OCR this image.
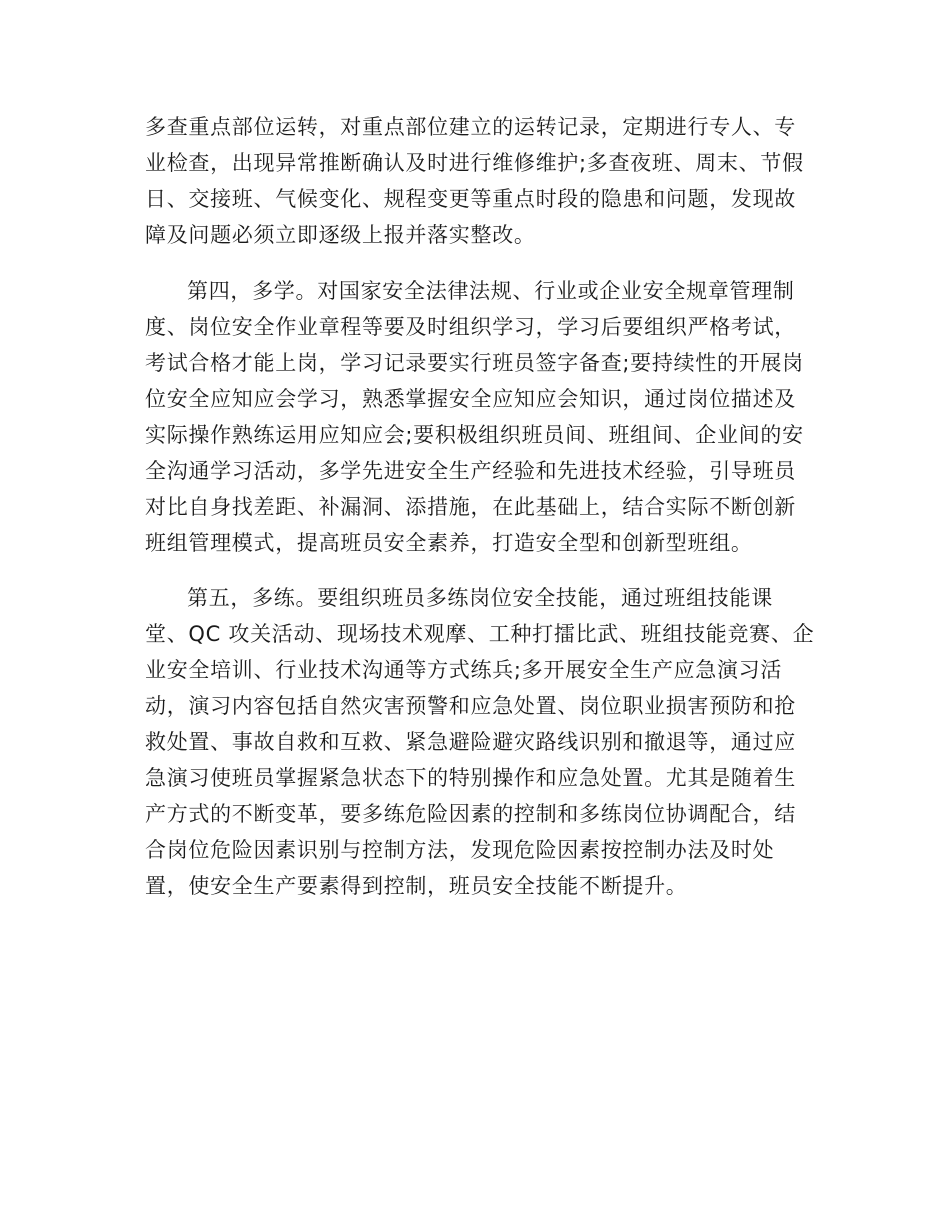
多查重点部位运转，对重点部位建立的运转记录，定期进行专人、专
业检查，出现异常推断确认及时进行维修维护;多查夜班、周末、节假
日、交接班、气候变化、规程变更等重点时段的隐患和问题，发现故
障及问题必须立即逐级上报并落实整改。
第四，多学。对国家安全法律法规、行业或企业安全规章管理制
度、岗位安全作业章程等要及时组织学习，学习后要组织严格考试，
考试合格才能上岗，学习记录要实行班员签字备查;要持续性的开展岗
位安全应知应会学习，熟悉掌握安全应知应会知识，通过岗位描述及
实际操作熟练运用应知应会;要积极组织班员间、班组间、企业间的安
全沟通学习活动，多学先进安全生产经验和先进技术经验，引导班员
对比自身找差距、补漏洞、添措施，在此基础上，结合实际不断创新
班组管理模式，提高班员安全素养，打造安全型和创新型班组。
第五，多练。要组织班员多练岗位安全技能，通过班组技能课
堂、QC 攻关活动、现场技术观摩、工种打擂比武、班组技能竞赛、企
业安全培训、行业技术沟通等方式练兵;多开展安全生产应急演习活
动，演习内容包括自然灾害预警和应急处置、岗位职业损害预防和抢
救处置、事故自救和互救、紧急避险避灾路线识别和撤退等，通过应
急演习使班员掌握紧急状态下的特别操作和应急处置。尤其是随着生
产方式的不断变革，要多练危险因素的控制和多练岗位协调配合，结
合岗位危险因素识别与控制方法，发现危险因素按控制办法及时处
置，使安全生产要素得到控制，班员安全技能不断提升。
